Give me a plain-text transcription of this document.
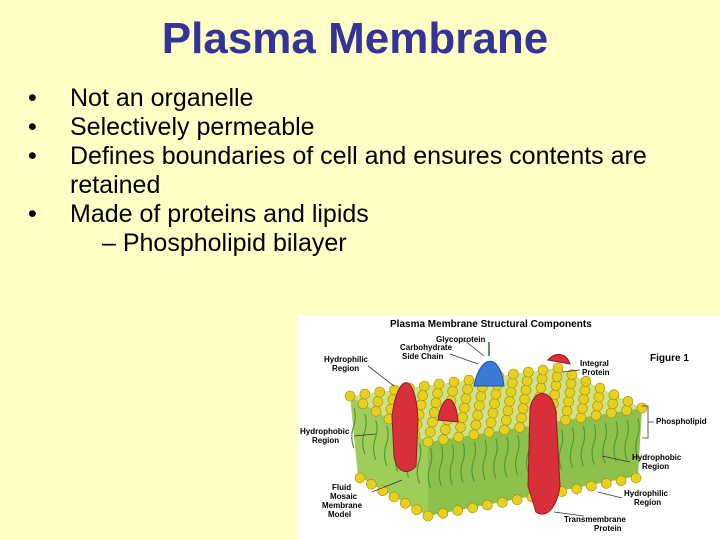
Plasma Membrane
• Not an organelle
• Selectively permeable
• Defines boundaries of cell and ensures contents are retained
• Made of proteins and lipids
– Phospholipid bilayer
Plasma Membrane Structural Components
Figure 1
Glycoprotein
Carbohydrate
Side Chain
Hydrophilic
Region
Integral
Protein
Hydrophobic
Region
Phospholipid
Hydrophobic
Region
Fluid
Mosaic
Membrane
Model
Hydrophilic
Region
Transmembrane
Protein
